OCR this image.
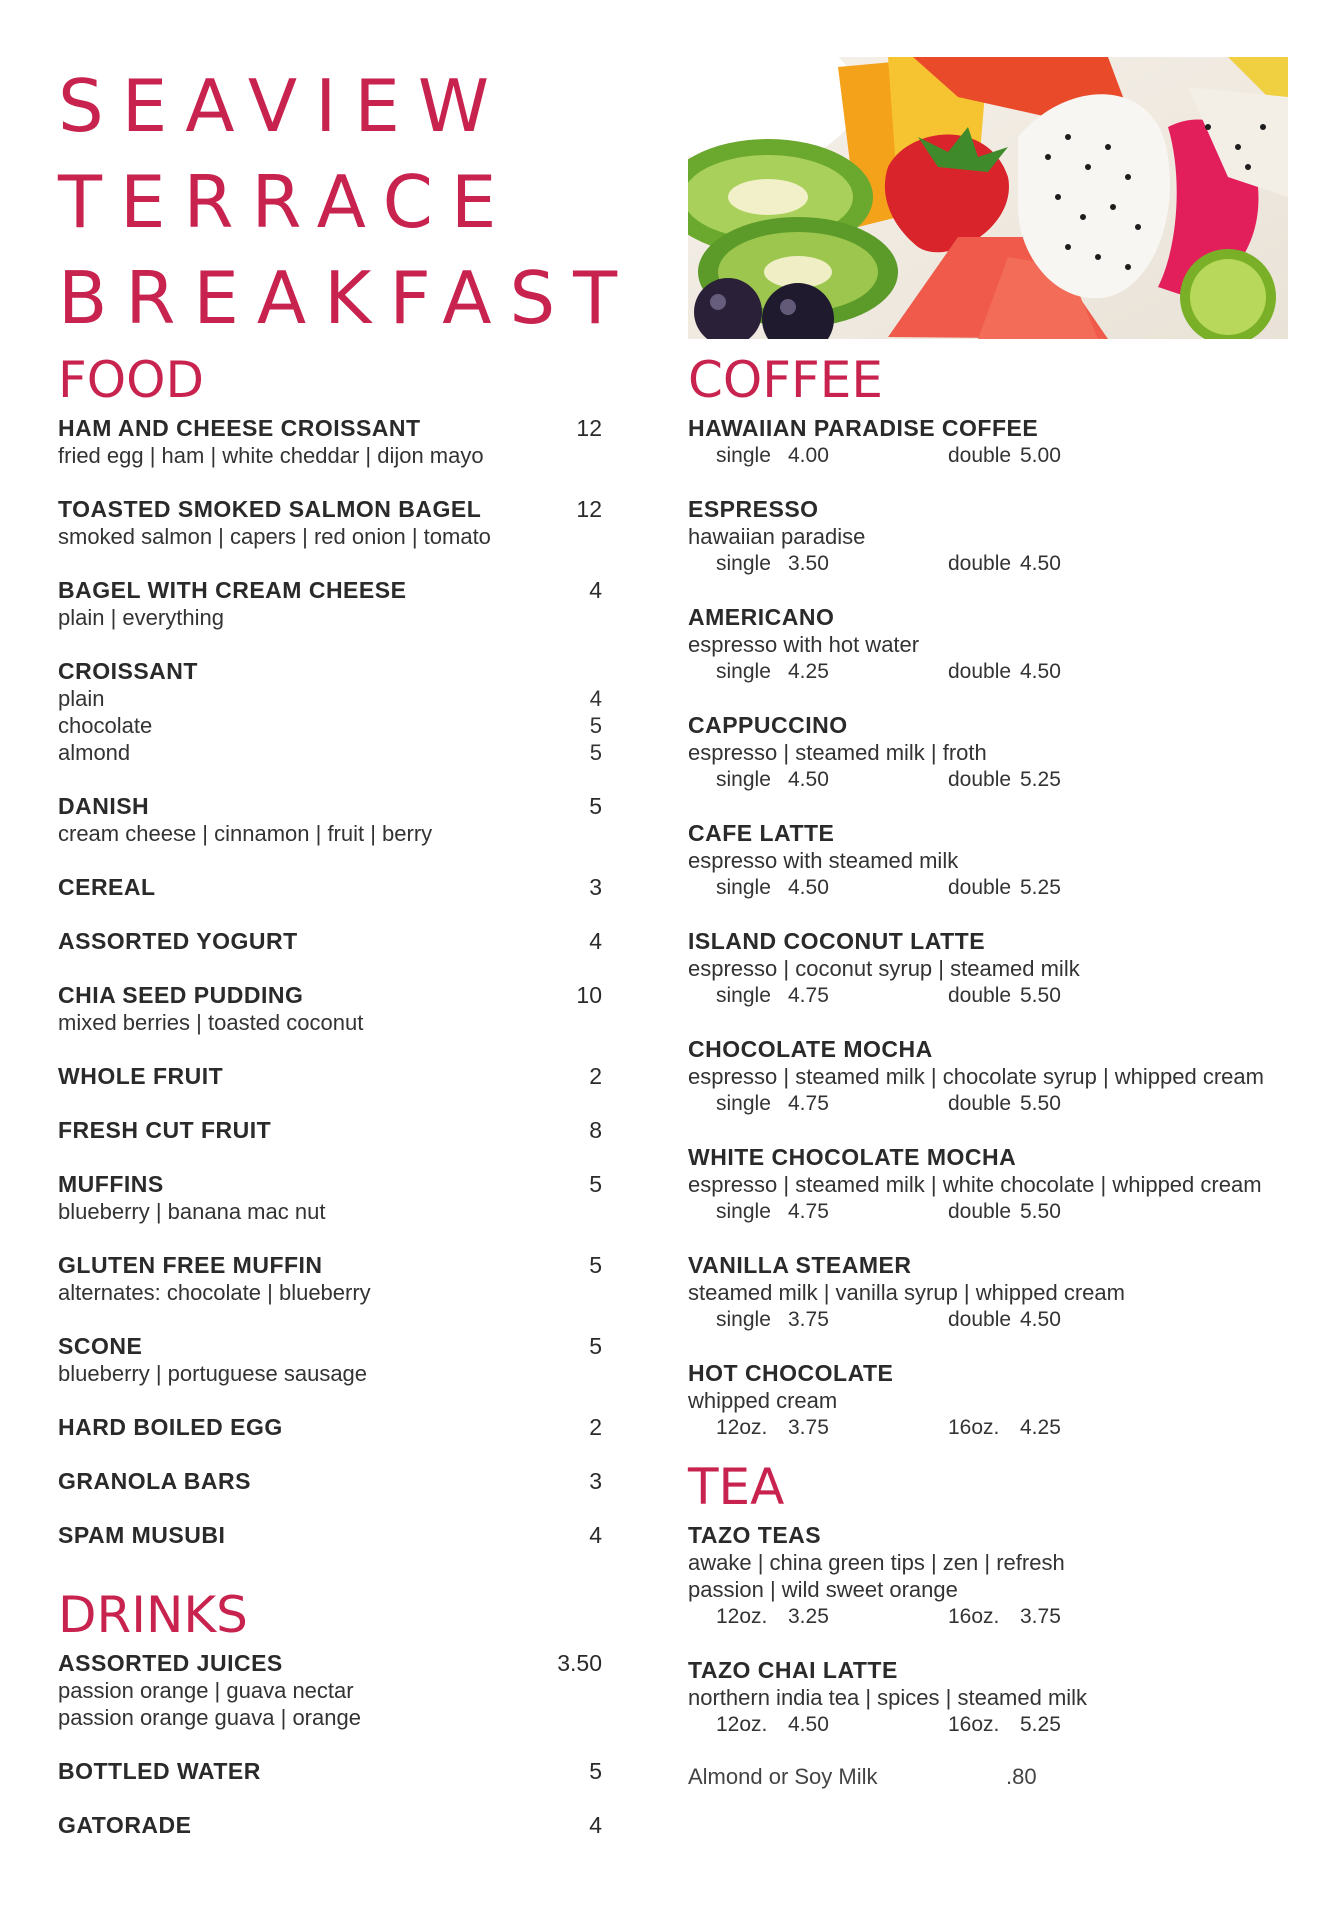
SEAVIEW
TERRACE
BREAKFAST
FOOD
HAM AND CHEESE CROISSANT	12
fried egg | ham | white cheddar | dijon mayo
TOASTED SMOKED SALMON BAGEL	12
smoked salmon | capers | red onion | tomato
BAGEL WITH CREAM CHEESE	4
plain | everything
CROISSANT
plain	4
chocolate	5
almond	5
DANISH	5
cream cheese | cinnamon | fruit | berry
CEREAL	3
ASSORTED YOGURT	4
CHIA SEED PUDDING	10
mixed berries | toasted coconut
WHOLE FRUIT	2
FRESH CUT FRUIT	8
MUFFINS	5
blueberry | banana mac nut
GLUTEN FREE MUFFIN	5
alternates: chocolate | blueberry
SCONE	5
blueberry | portuguese sausage
HARD BOILED EGG	2
GRANOLA BARS	3
SPAM MUSUBI	4
DRINKS
ASSORTED JUICES	3.50
passion orange | guava nectar
passion orange guava | orange
BOTTLED WATER	5
GATORADE	4
COFFEE
HAWAIIAN PARADISE COFFEE
single 4.00	double 5.00
ESPRESSO
hawaiian paradise
single 3.50	double 4.50
AMERICANO
espresso with hot water
single 4.25	double 4.50
CAPPUCCINO
espresso | steamed milk | froth
single 4.50	double 5.25
CAFE LATTE
espresso with steamed milk
single 4.50	double 5.25
ISLAND COCONUT LATTE
espresso | coconut syrup | steamed milk
single 4.75	double 5.50
CHOCOLATE MOCHA
espresso | steamed milk | chocolate syrup | whipped cream
single 4.75	double 5.50
WHITE CHOCOLATE MOCHA
espresso | steamed milk | white chocolate | whipped cream
single 4.75	double 5.50
VANILLA STEAMER
steamed milk | vanilla syrup | whipped cream
single 3.75	double 4.50
HOT CHOCOLATE
whipped cream
12oz. 3.75	16oz. 4.25
TEA
TAZO TEAS
awake | china green tips | zen | refresh
passion | wild sweet orange
12oz. 3.25	16oz. 3.75
TAZO CHAI LATTE
northern india tea | spices | steamed milk
12oz. 4.50	16oz. 5.25
Almond or Soy Milk	.80
